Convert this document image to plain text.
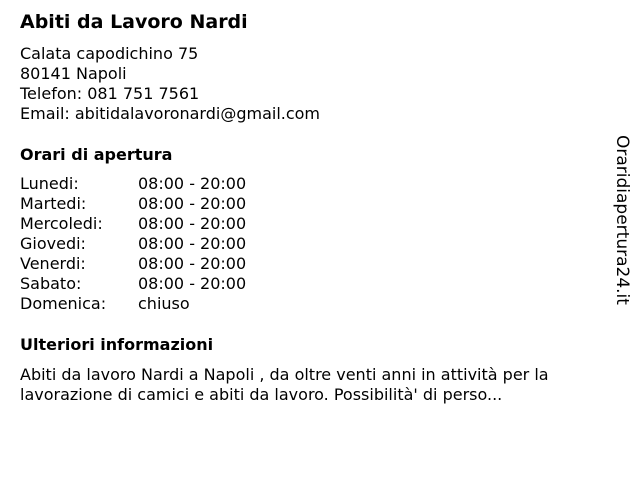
Abiti da Lavoro Nardi
Calata capodichino 75
80141 Napoli
Telefon: 081 751 7561
Email: abitidalavoronardi@gmail.com
Orari di apertura
Lunedi:	08:00 - 20:00
Martedi:	08:00 - 20:00
Mercoledi:	08:00 - 20:00
Giovedi:	08:00 - 20:00
Venerdi:	08:00 - 20:00
Sabato:	08:00 - 20:00
Domenica:	chiuso
Ulteriori informazioni
Abiti da lavoro Nardi a Napoli , da oltre venti anni in attività per la lavorazione di camici e abiti da lavoro. Possibilità' di perso...
Oraridiapertura24.it
